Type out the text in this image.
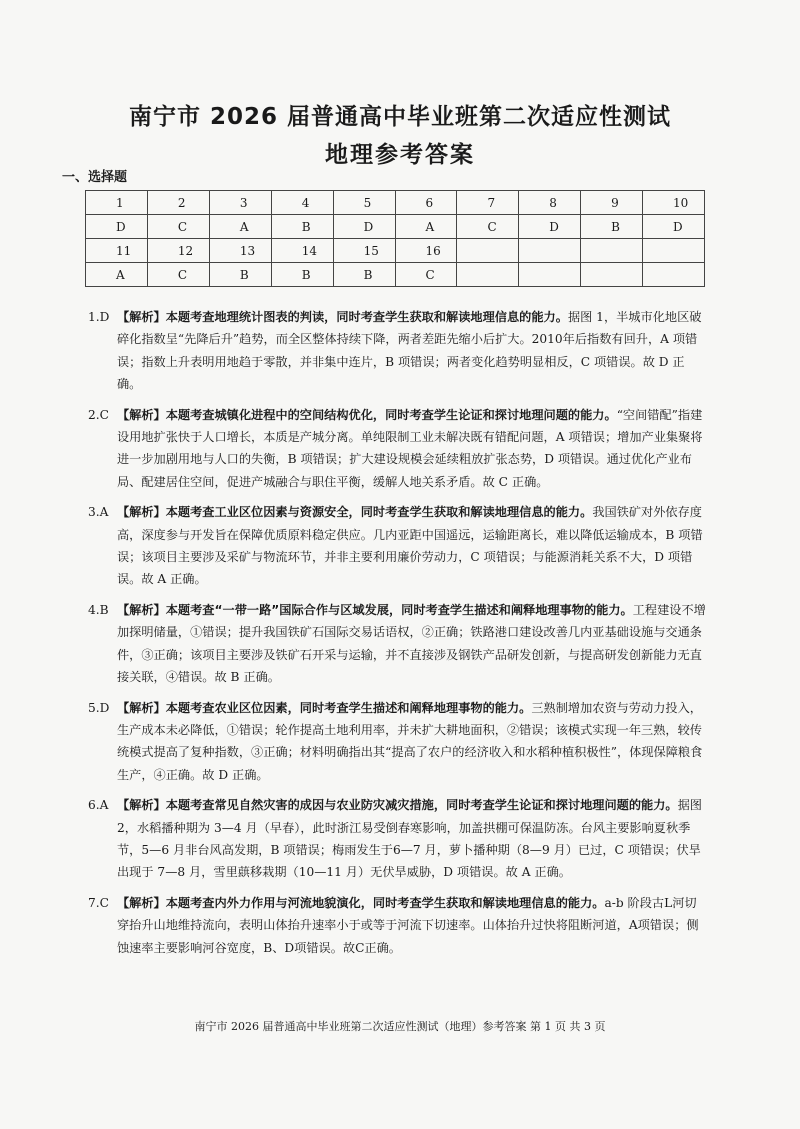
南宁市 2026 届普通高中毕业班第二次适应性测试
地理参考答案
一、选择题
1	2	3	4	5	6	7	8	9	10
D	C	A	B	D	A	C	D	B	D
11	12	13	14	15	16				
A	C	B	B	B	C				
1.D 【解析】本题考查地理统计图表的判读，同时考查学生获取和解读地理信息的能力。据图 1，半城市化地区破碎化指数呈“先降后升”趋势，而全区整体持续下降，两者差距先缩小后扩大。2010年后指数有回升，A 项错误；指数上升表明用地趋于零散，并非集中连片，B 项错误；两者变化趋势明显相反，C 项错误。故 D 正确。
2.C 【解析】本题考查城镇化进程中的空间结构优化，同时考查学生论证和探讨地理问题的能力。“空间错配”指建设用地扩张快于人口增长，本质是产城分离。单纯限制工业未解决既有错配问题，A 项错误；增加产业集聚将进一步加剧用地与人口的失衡，B 项错误；扩大建设规模会延续粗放扩张态势，D 项错误。通过优化产业布局、配建居住空间，促进产城融合与职住平衡，缓解人地关系矛盾。故 C 正确。
3.A 【解析】本题考查工业区位因素与资源安全，同时考查学生获取和解读地理信息的能力。我国铁矿对外依存度高，深度参与开发旨在保障优质原料稳定供应。几内亚距中国遥远，运输距离长，难以降低运输成本，B 项错误；该项目主要涉及采矿与物流环节，并非主要利用廉价劳动力，C 项错误；与能源消耗关系不大，D 项错误。故 A 正确。
4.B 【解析】本题考查“一带一路”国际合作与区域发展，同时考查学生描述和阐释地理事物的能力。工程建设不增加探明储量，①错误；提升我国铁矿石国际交易话语权，②正确；铁路港口建设改善几内亚基础设施与交通条件，③正确；该项目主要涉及铁矿石开采与运输，并不直接涉及钢铁产品研发创新，与提高研发创新能力无直接关联，④错误。故 B 正确。
5.D 【解析】本题考查农业区位因素，同时考查学生描述和阐释地理事物的能力。三熟制增加农资与劳动力投入，生产成本未必降低，①错误；轮作提高土地利用率，并未扩大耕地面积，②错误；该模式实现一年三熟，较传统模式提高了复种指数，③正确；材料明确指出其“提高了农户的经济收入和水稻种植积极性”，体现保障粮食生产，④正确。故 D 正确。
6.A 【解析】本题考查常见自然灾害的成因与农业防灾减灾措施，同时考查学生论证和探讨地理问题的能力。据图 2，水稻播种期为 3—4 月（早春），此时浙江易受倒春寒影响，加盖拱棚可保温防冻。台风主要影响夏秋季节，5—6 月非台风高发期，B 项错误；梅雨发生于6—7 月，萝卜播种期（8—9 月）已过，C 项错误；伏旱出现于 7—8 月，雪里蕻移栽期（10—11 月）无伏旱威胁，D 项错误。故 A 正确。
7.C 【解析】本题考查内外力作用与河流地貌演化，同时考查学生获取和解读地理信息的能力。a-b 阶段古L河切穿抬升山地维持流向，表明山体抬升速率小于或等于河流下切速率。山体抬升过快将阻断河道，A项错误；侧蚀速率主要影响河谷宽度，B、D项错误。故C正确。
南宁市 2026 届普通高中毕业班第二次适应性测试（地理）参考答案 第 1 页 共 3 页
